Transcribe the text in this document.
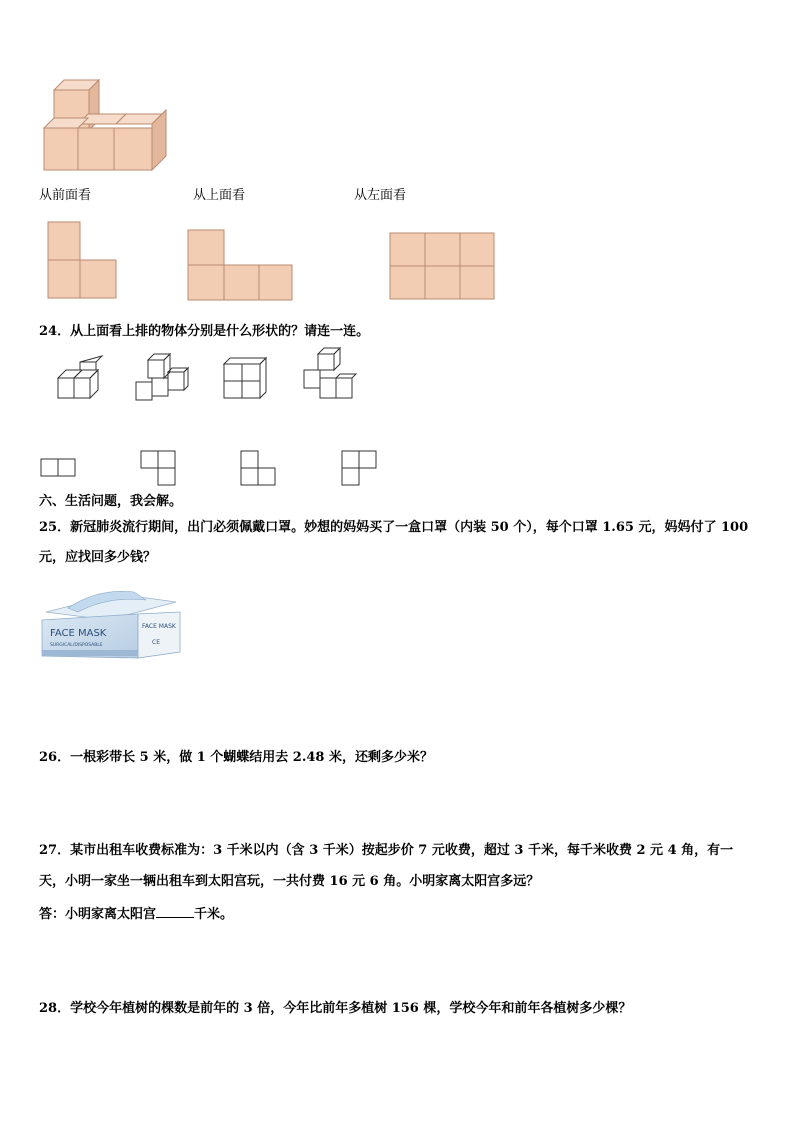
从前面看	从上面看	从左面看
24．从上面看上排的物体分别是什么形状的？请连一连。
六、生活问题，我会解。
25．新冠肺炎流行期间，出门必须佩戴口罩。妙想的妈妈买了一盒口罩（内装 50 个），每个口罩 1.65 元，妈妈付了 100
元，应找回多少钱？
FACE MASK
SURGICAL/DISPOSABLE
FACE MASK
CE
26．一根彩带长 5 米，做 1 个蝴蝶结用去 2.48 米，还剩多少米？
27．某市出租车收费标准为：3 千米以内（含 3 千米）按起步价 7 元收费，超过 3 千米，每千米收费 2 元 4 角，有一
天，小明一家坐一辆出租车到太阳宫玩，一共付费 16 元 6 角。小明家离太阳宫多远？
答：小明家离太阳宫	千米。
28．学校今年植树的棵数是前年的 3 倍，今年比前年多植树 156 棵，学校今年和前年各植树多少棵？
